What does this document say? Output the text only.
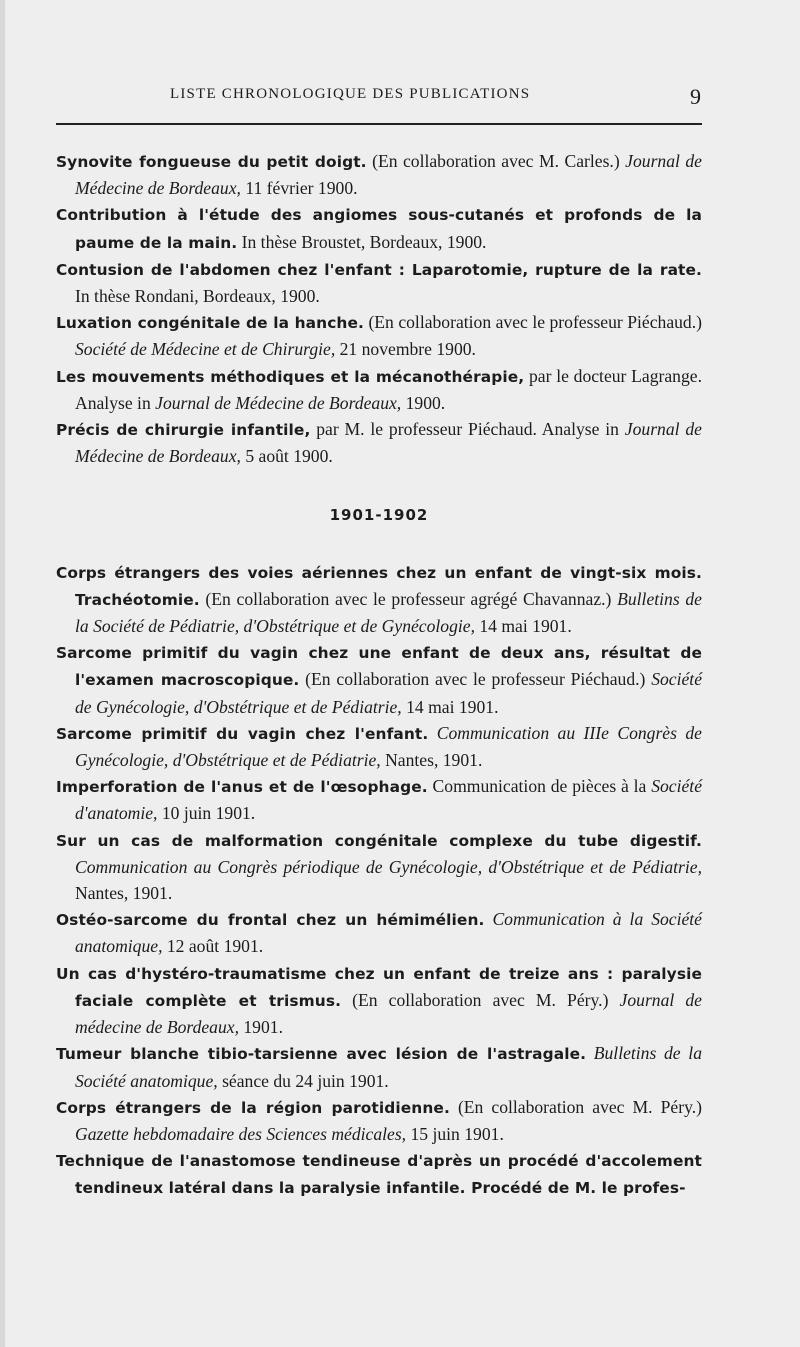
LISTE CHRONOLOGIQUE DES PUBLICATIONS	9
Synovite fongueuse du petit doigt. (En collaboration avec M. Carles.) Journal de Médecine de Bordeaux, 11 février 1900.
Contribution à l'étude des angiomes sous-cutanés et profonds de la paume de la main. In thèse Broustet, Bordeaux, 1900.
Contusion de l'abdomen chez l'enfant : Laparotomie, rupture de la rate. In thèse Rondani, Bordeaux, 1900.
Luxation congénitale de la hanche. (En collaboration avec le professeur Piéchaud.) Société de Médecine et de Chirurgie, 21 novembre 1900.
Les mouvements méthodiques et la mécanothérapie, par le docteur Lagrange. Analyse in Journal de Médecine de Bordeaux, 1900.
Précis de chirurgie infantile, par M. le professeur Piéchaud. Analyse in Journal de Médecine de Bordeaux, 5 août 1900.
1901-1902
Corps étrangers des voies aériennes chez un enfant de vingt-six mois. Trachéotomie. (En collaboration avec le professeur agrégé Chavannaz.) Bulletins de la Société de Pédiatrie, d'Obstétrique et de Gynécologie, 14 mai 1901.
Sarcome primitif du vagin chez une enfant de deux ans, résultat de l'examen macroscopique. (En collaboration avec le professeur Piéchaud.) Société de Gynécologie, d'Obstétrique et de Pédiatrie, 14 mai 1901.
Sarcome primitif du vagin chez l'enfant. Communication au IIIe Congrès de Gynécologie, d'Obstétrique et de Pédiatrie, Nantes, 1901.
Imperforation de l'anus et de l'œsophage. Communication de pièces à la Société d'anatomie, 10 juin 1901.
Sur un cas de malformation congénitale complexe du tube digestif. Communication au Congrès périodique de Gynécologie, d'Obstétrique et de Pédiatrie, Nantes, 1901.
Ostéo-sarcome du frontal chez un hémimélien. Communication à la Société anatomique, 12 août 1901.
Un cas d'hystéro-traumatisme chez un enfant de treize ans : paralysie faciale complète et trismus. (En collaboration avec M. Péry.) Journal de médecine de Bordeaux, 1901.
Tumeur blanche tibio-tarsienne avec lésion de l'astragale. Bulletins de la Société anatomique, séance du 24 juin 1901.
Corps étrangers de la région parotidienne. (En collaboration avec M. Péry.) Gazette hebdomadaire des Sciences médicales, 15 juin 1901.
Technique de l'anastomose tendineuse d'après un procédé d'accolement tendineux latéral dans la paralysie infantile. Procédé de M. le profes-
